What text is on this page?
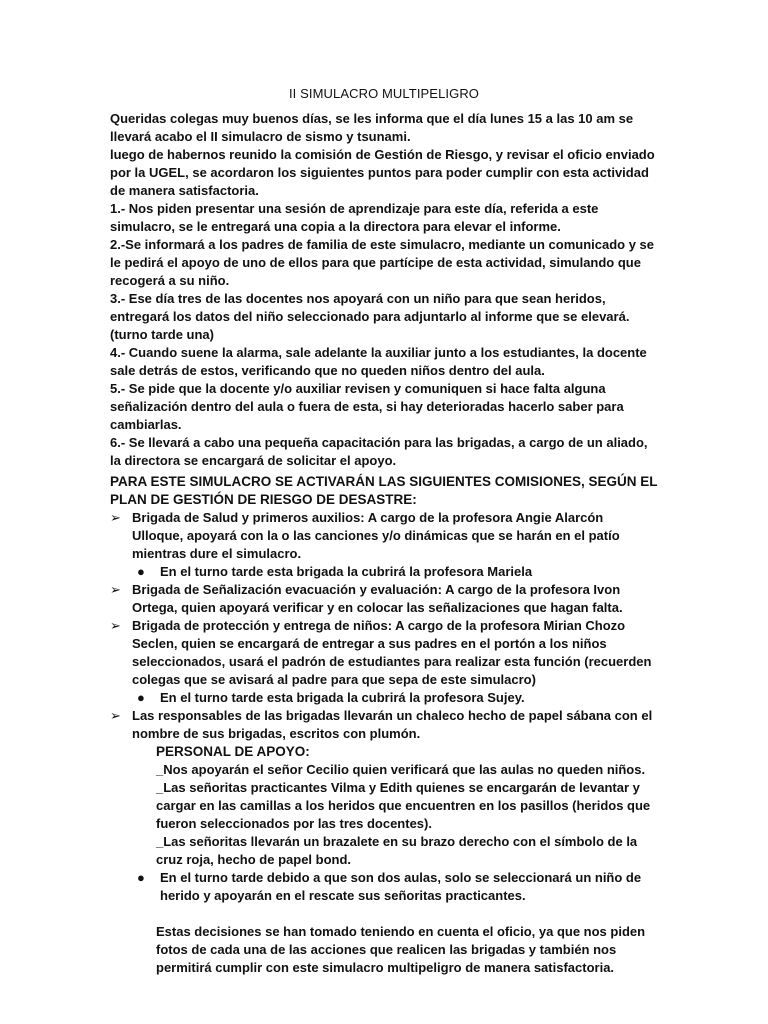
II SIMULACRO MULTIPELIGRO

Queridas colegas muy buenos días, se les informa que el día lunes 15 a las 10 am se llevará acabo el II simulacro de sismo y tsunami.

luego de habernos reunido la comisión de Gestión de Riesgo, y revisar el oficio enviado por la UGEL, se acordaron los siguientes puntos para poder cumplir con esta actividad de manera satisfactoria.

1.- Nos piden presentar una sesión de aprendizaje para este día, referida a este simulacro, se le entregará una copia a la directora para elevar el informe.

2.-Se informará a los padres de familia de este simulacro, mediante un comunicado y se le pedirá el apoyo de uno de ellos para que partícipe de esta actividad, simulando que recogerá a su niño.

3.- Ese día tres de las docentes nos apoyará con un niño para que sean heridos, entregará los datos del niño seleccionado para adjuntarlo al informe que se elevará.(turno tarde una)

4.- Cuando suene la alarma, sale adelante la auxiliar junto a los estudiantes, la docente sale detrás de estos, verificando que no queden niños dentro del aula.

5.- Se pide que la docente y/o auxiliar revisen y comuniquen si hace falta alguna señalización dentro del aula o fuera de esta, si hay deterioradas hacerlo saber para cambiarlas.

6.- Se llevará a cabo una pequeña capacitación para las brigadas, a cargo de un aliado, la directora se encargará de solicitar el apoyo.

PARA ESTE SIMULACRO SE ACTIVARÁN LAS SIGUIENTES COMISIONES, SEGÚN EL PLAN DE GESTIÓN DE RIESGO DE DESASTRE:

➢ Brigada de Salud y primeros auxilios: A cargo de la profesora Angie Alarcón Ulloque, apoyará con la o las canciones y/o dinámicas que se harán en el patío mientras dure el simulacro.
● En el turno tarde esta brigada la cubrirá la profesora Mariela
➢ Brigada de Señalización evacuación y evaluación: A cargo de la profesora Ivon Ortega, quien apoyará verificar y en colocar las señalizaciones que hagan falta.
➢ Brigada de protección y entrega de niños: A cargo de la profesora Mirian Chozo Seclen, quien se encargará de entregar a sus padres en el portón a los niños seleccionados, usará el padrón de estudiantes para realizar esta función (recuerden colegas que se avisará al padre para que sepa de este simulacro)
● En el turno tarde esta brigada la cubrirá la profesora Sujey.
➢ Las responsables de las brigadas llevarán un chaleco hecho de papel sábana con el nombre de sus brigadas, escritos con plumón.

PERSONAL DE APOYO:

_Nos apoyarán el señor Cecilio quien verificará que las aulas no queden niños.

_Las señoritas practicantes Vilma y Edith quienes se encargarán de levantar y cargar en las camillas a los heridos que encuentren en los pasillos (heridos que fueron seleccionados por las tres docentes).

_Las señoritas llevarán un brazalete en su brazo derecho con el símbolo de la cruz roja, hecho de papel bond.

● En el turno tarde debido a que son dos aulas, solo se seleccionará un niño de herido y apoyarán en el rescate sus señoritas practicantes.

Estas decisiones se han tomado teniendo en cuenta el oficio, ya que nos piden fotos de cada una de las acciones que realicen las brigadas y también nos permitirá cumplir con este simulacro multipeligro de manera satisfactoria.
